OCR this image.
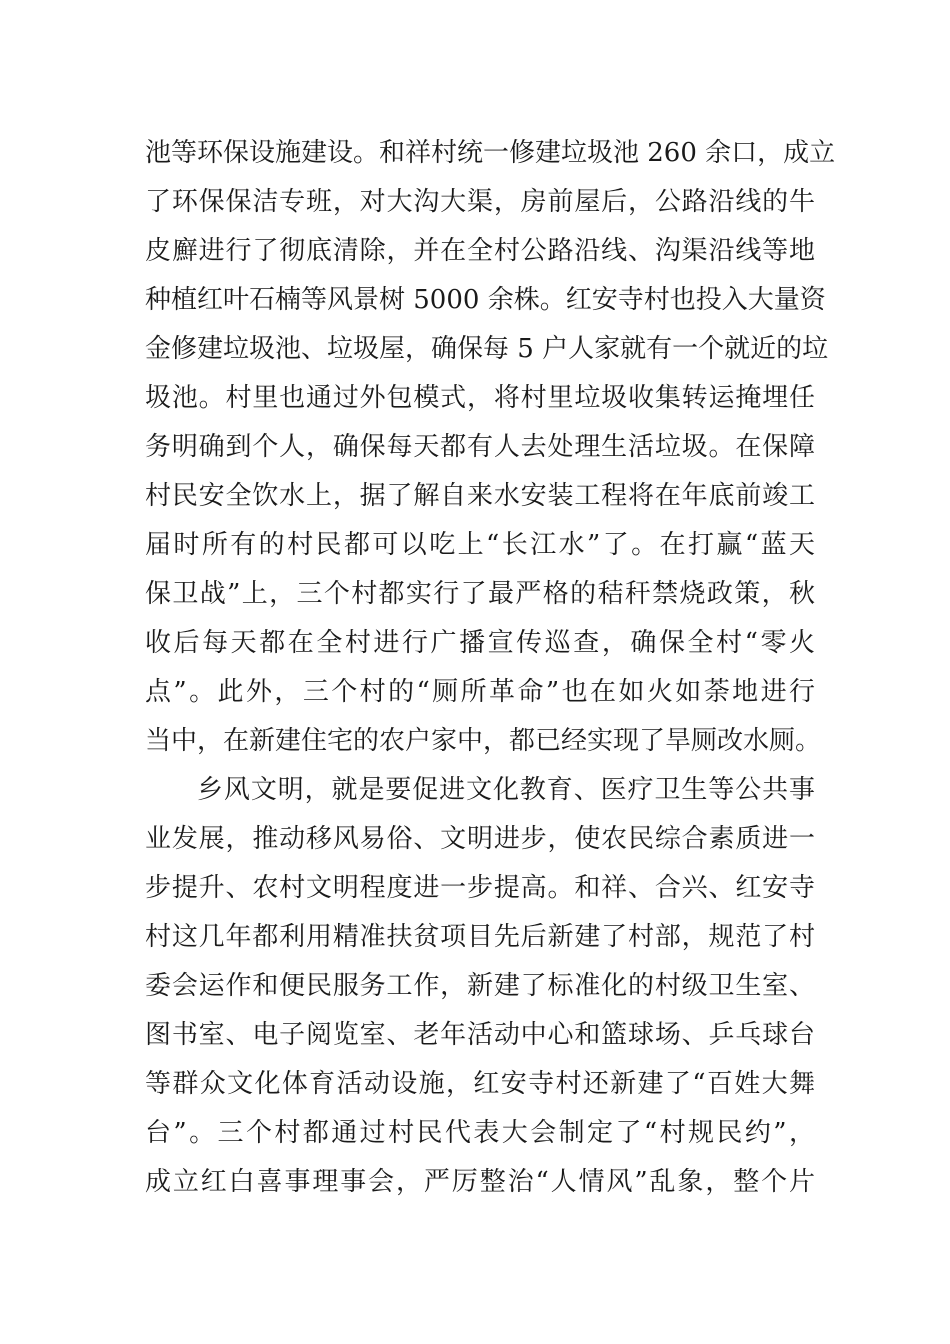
池等环保设施建设。和祥村统一修建垃圾池 260 余口，成立
了环保保洁专班，对大沟大渠，房前屋后，公路沿线的牛
皮廯进行了彻底清除，并在全村公路沿线、沟渠沿线等地
种植红叶石楠等风景树 5000 余株。红安寺村也投入大量资
金修建垃圾池、垃圾屋，确保每 5 户人家就有一个就近的垃
圾池。村里也通过外包模式，将村里垃圾收集转运掩埋任
务明确到个人，确保每天都有人去处理生活垃圾。在保障
村民安全饮水上，据了解自来水安装工程将在年底前竣工
届时所有的村民都可以吃上“长江水”了。在打赢“蓝天
保卫战”上，三个村都实行了最严格的秸秆禁烧政策，秋
收后每天都在全村进行广播宣传巡查，确保全村“零火
点”。此外，三个村的“厕所革命”也在如火如荼地进行
当中，在新建住宅的农户家中，都已经实现了旱厕改水厕。
乡风文明，就是要促进文化教育、医疗卫生等公共事
业发展，推动移风易俗、文明进步，使农民综合素质进一
步提升、农村文明程度进一步提高。和祥、合兴、红安寺
村这几年都利用精准扶贫项目先后新建了村部，规范了村
委会运作和便民服务工作，新建了标准化的村级卫生室、
图书室、电子阅览室、老年活动中心和篮球场、乒乓球台
等群众文化体育活动设施，红安寺村还新建了“百姓大舞
台”。三个村都通过村民代表大会制定了“村规民约”，
成立红白喜事理事会，严厉整治“人情风”乱象，整个片
